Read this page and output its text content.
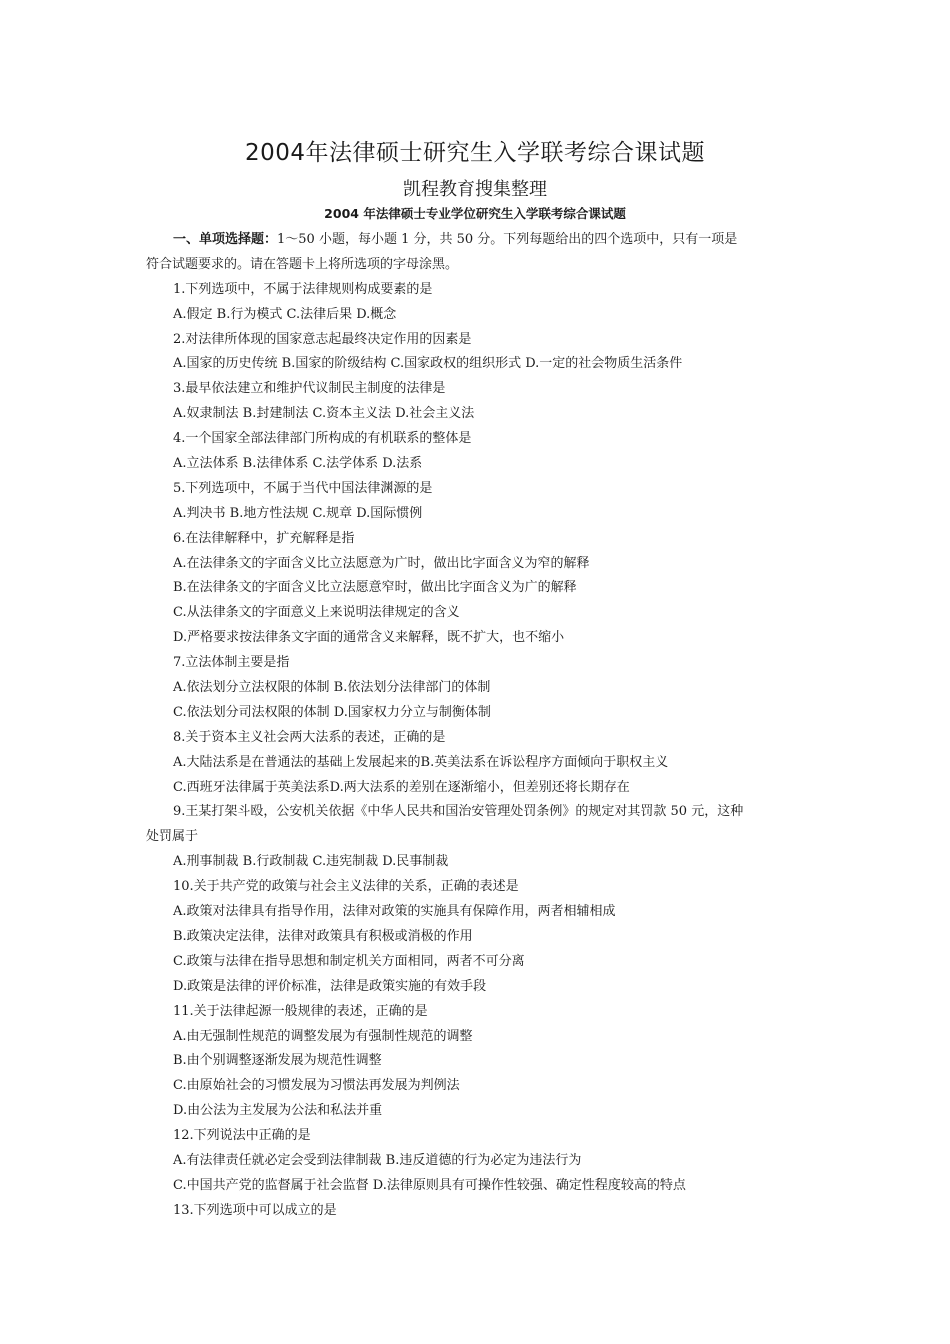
2004年法律硕士研究生入学联考综合课试题
凯程教育搜集整理
2004 年法律硕士专业学位研究生入学联考综合课试题
一、单项选择题：1～50 小题，每小题 1 分，共 50 分。下列每题给出的四个选项中，只有一项是
符合试题要求的。请在答题卡上将所选项的字母涂黑。
1.下列选项中，不属于法律规则构成要素的是
A.假定 B.行为模式 C.法律后果 D.概念
2.对法律所体现的国家意志起最终决定作用的因素是
A.国家的历史传统 B.国家的阶级结构 C.国家政权的组织形式 D.一定的社会物质生活条件
3.最早依法建立和维护代议制民主制度的法律是
A.奴隶制法 B.封建制法 C.资本主义法 D.社会主义法
4.一个国家全部法律部门所构成的有机联系的整体是
A.立法体系 B.法律体系 C.法学体系 D.法系
5.下列选项中，不属于当代中国法律渊源的是
A.判决书 B.地方性法规 C.规章 D.国际惯例
6.在法律解释中，扩充解释是指
A.在法律条文的字面含义比立法愿意为广时，做出比字面含义为窄的解释
B.在法律条文的字面含义比立法愿意窄时，做出比字面含义为广的解释
C.从法律条文的字面意义上来说明法律规定的含义
D.严格要求按法律条文字面的通常含义来解释，既不扩大，也不缩小
7.立法体制主要是指
A.依法划分立法权限的体制 B.依法划分法律部门的体制
C.依法划分司法权限的体制 D.国家权力分立与制衡体制
8.关于资本主义社会两大法系的表述，正确的是
A.大陆法系是在普通法的基础上发展起来的B.英美法系在诉讼程序方面倾向于职权主义
C.西班牙法律属于英美法系D.两大法系的差别在逐渐缩小，但差别还将长期存在
9.王某打架斗殴，公安机关依据《中华人民共和国治安管理处罚条例》的规定对其罚款 50 元，这种
处罚属于
A.刑事制裁 B.行政制裁 C.违宪制裁 D.民事制裁
10.关于共产党的政策与社会主义法律的关系，正确的表述是
A.政策对法律具有指导作用，法律对政策的实施具有保障作用，两者相辅相成
B.政策决定法律，法律对政策具有积极或消极的作用
C.政策与法律在指导思想和制定机关方面相同，两者不可分离
D.政策是法律的评价标准，法律是政策实施的有效手段
11.关于法律起源一般规律的表述，正确的是
A.由无强制性规范的调整发展为有强制性规范的调整
B.由个别调整逐渐发展为规范性调整
C.由原始社会的习惯发展为习惯法再发展为判例法
D.由公法为主发展为公法和私法并重
12.下列说法中正确的是
A.有法律责任就必定会受到法律制裁 B.违反道德的行为必定为违法行为
C.中国共产党的监督属于社会监督 D.法律原则具有可操作性较强、确定性程度较高的特点
13.下列选项中可以成立的是
